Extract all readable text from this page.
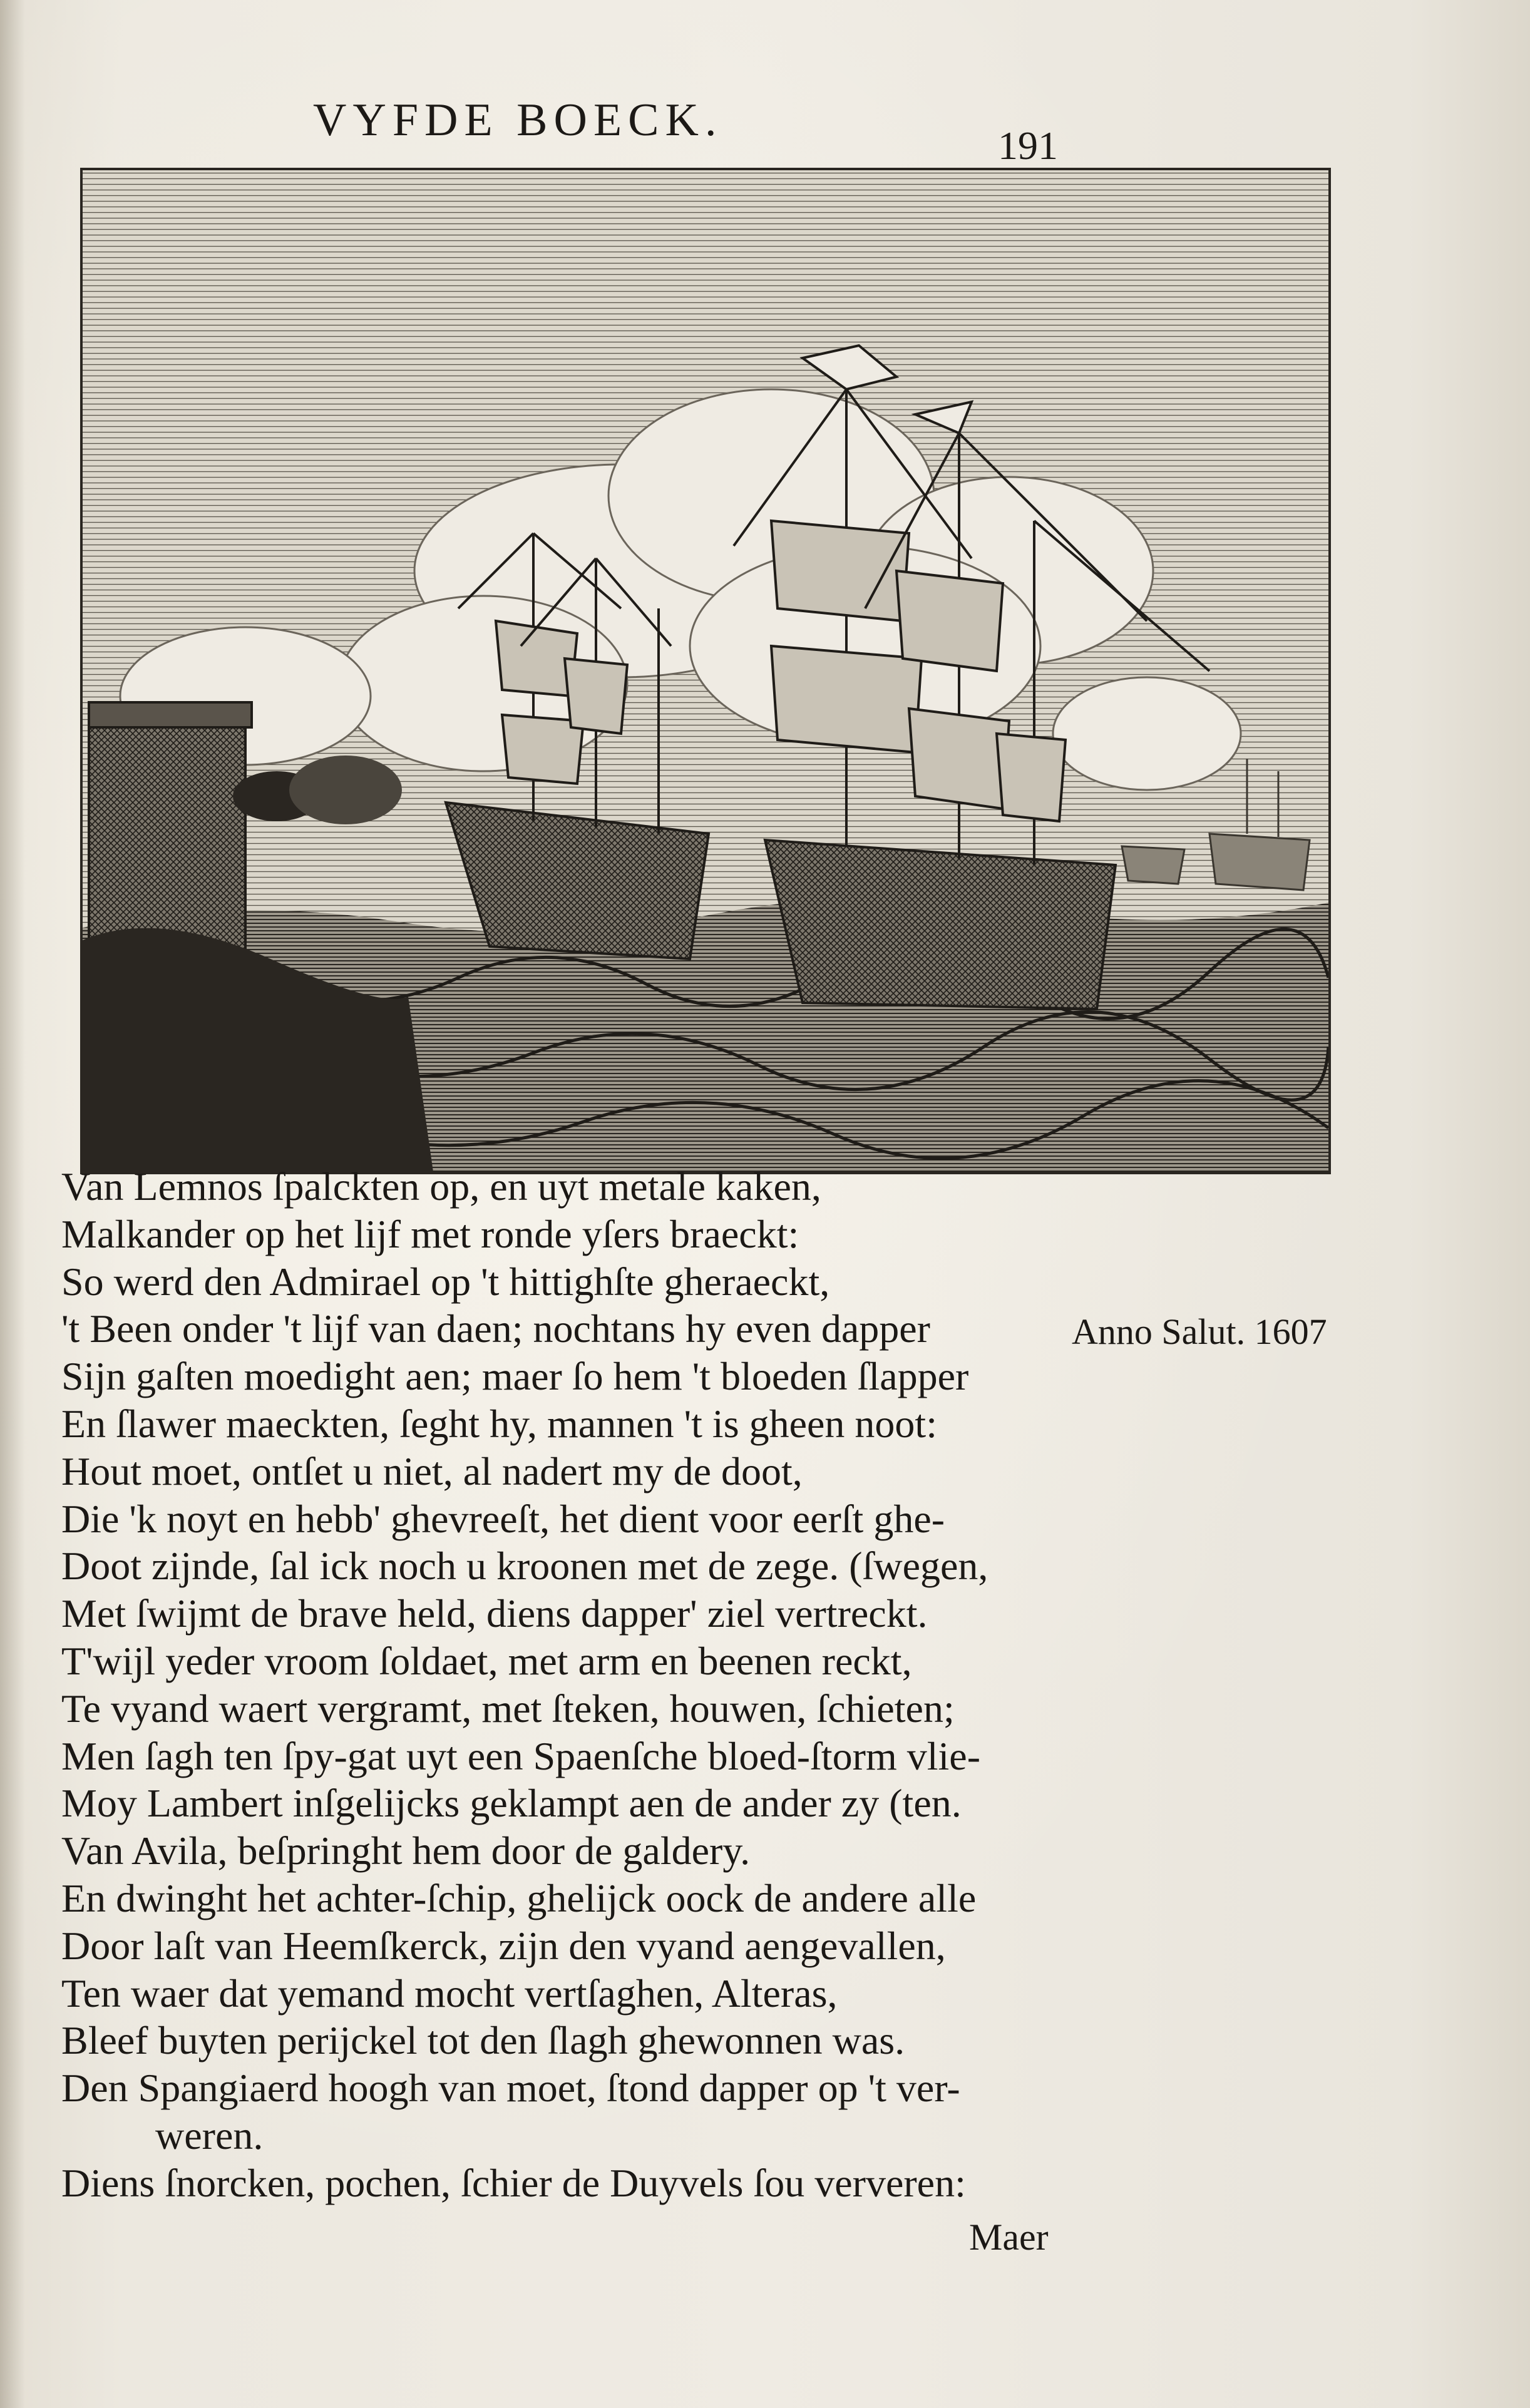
VYFDE BOECK.	191
Van Lemnos ſpalckten op, en uyt metale kaken,
Malkander op het lijf met ronde yſers braeckt:
So werd den Admirael op 't hittighſte gheraeckt,
't Been onder 't lijf van daen; nochtans hy even dapper
Sijn gaſten moedight aen; maer ſo hem 't bloeden ſlapper
En ſlawer maeckten, ſeght hy, mannen 't is gheen noot:
Hout moet, ontſet u niet, al nadert my de doot,
Die 'k noyt en hebb' ghevreeſt, het dient voor eerſt ghe-
Doot zijnde, ſal ick noch u kroonen met de zege. (ſwegen,
Met ſwijmt de brave held, diens dapper' ziel vertreckt.
T'wijl yeder vroom ſoldaet, met arm en beenen reckt,
Te vyand waert vergramt, met ſteken, houwen, ſchieten;
Men ſagh ten ſpy-gat uyt een Spaenſche bloed-ſtorm vlie-
Moy Lambert inſgelijcks geklampt aen de ander zy (ten.
Van Avila, beſpringht hem door de galdery.
En dwinght het achter-ſchip, ghelijck oock de andere alle
Door laſt van Heemſkerck, zijn den vyand aengevallen,
Ten waer dat yemand mocht vertſaghen, Alteras,
Bleef buyten perijckel tot den ſlagh ghewonnen was.
Den Spangiaerd hoogh van moet, ſtond dapper op 't ver-
weren.
Diens ſnorcken, pochen, ſchier de Duyvels ſou ververen:
Anno Salut. 1607
Maer
